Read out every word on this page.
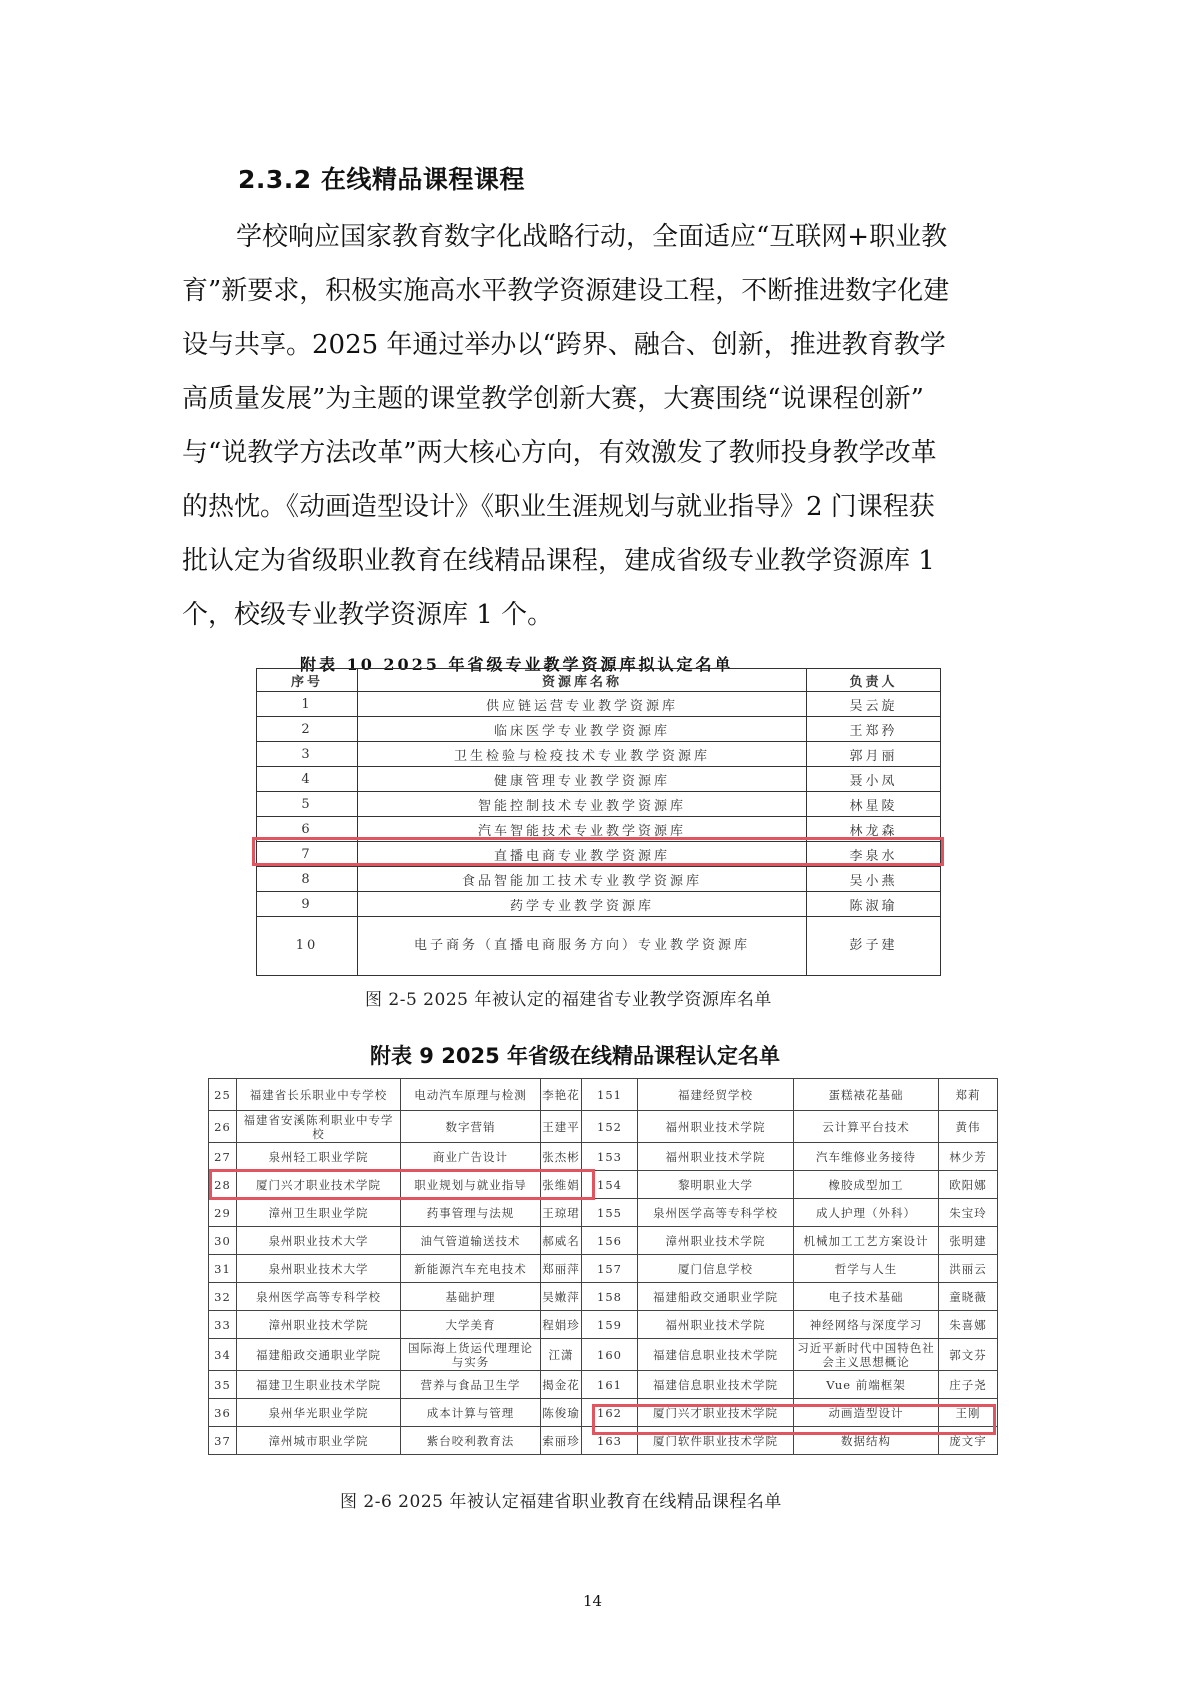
2.3.2 在线精品课程课程
学校响应国家教育数字化战略行动，全面适应“互联网+职业教
育”新要求，积极实施高水平教学资源建设工程，不断推进数字化建
设与共享。2025 年通过举办以“跨界、融合、创新，推进教育教学
高质量发展”为主题的课堂教学创新大赛，大赛围绕“说课程创新”
与“说教学方法改革”两大核心方向，有效激发了教师投身教学改革
的热忱。《动画造型设计》《职业生涯规划与就业指导》2 门课程获
批认定为省级职业教育在线精品课程，建成省级专业教学资源库 1
个，校级专业教学资源库 1 个。
附表 10 2025 年省级专业教学资源库拟认定名单
序号	资源库名称	负责人
1	供应链运营专业教学资源库	吴云旋
2	临床医学专业教学资源库	王郑矜
3	卫生检验与检疫技术专业教学资源库	郭月丽
4	健康管理专业教学资源库	聂小凤
5	智能控制技术专业教学资源库	林星陵
6	汽车智能技术专业教学资源库	林龙森
7	直播电商专业教学资源库	李泉水
8	食品智能加工技术专业教学资源库	吴小燕
9	药学专业教学资源库	陈淑瑜
10	电子商务（直播电商服务方向）专业教学资源库	彭子建
图 2-5 2025 年被认定的福建省专业教学资源库名单
附表 9 2025 年省级在线精品课程认定名单
25	福建省长乐职业中专学校	电动汽车原理与检测	李艳花	151	福建经贸学校	蛋糕裱花基础	郑莉
26	福建省安溪陈利职业中专学校	数字营销	王建平	152	福州职业技术学院	云计算平台技术	黄伟
27	泉州轻工职业学院	商业广告设计	张杰彬	153	福州职业技术学院	汽车维修业务接待	林少芳
28	厦门兴才职业技术学院	职业规划与就业指导	张维娟	154	黎明职业大学	橡胶成型加工	欧阳娜
29	漳州卫生职业学院	药事管理与法规	王琼珺	155	泉州医学高等专科学校	成人护理（外科）	朱宝玲
30	泉州职业技术大学	油气管道输送技术	郝威名	156	漳州职业技术学院	机械加工工艺方案设计	张明建
31	泉州职业技术大学	新能源汽车充电技术	郑丽萍	157	厦门信息学校	哲学与人生	洪丽云
32	泉州医学高等专科学校	基础护理	吴嫩萍	158	福建船政交通职业学院	电子技术基础	童晓薇
33	漳州职业技术学院	大学美育	程娟珍	159	福州职业技术学院	神经网络与深度学习	朱喜娜
34	福建船政交通职业学院	国际海上货运代理理论与实务	江潇	160	福建信息职业技术学院	习近平新时代中国特色社会主义思想概论	郭文芬
35	福建卫生职业技术学院	营养与食品卫生学	揭金花	161	福建信息职业技术学院	Vue 前端框架	庄子尧
36	泉州华光职业学院	成本计算与管理	陈俊瑜	162	厦门兴才职业技术学院	动画造型设计	王刚
37	漳州城市职业学院	紫台咬利教育法	索丽珍	163	厦门软件职业技术学院	数据结构	庞文宇
图 2-6 2025 年被认定福建省职业教育在线精品课程名单
14
